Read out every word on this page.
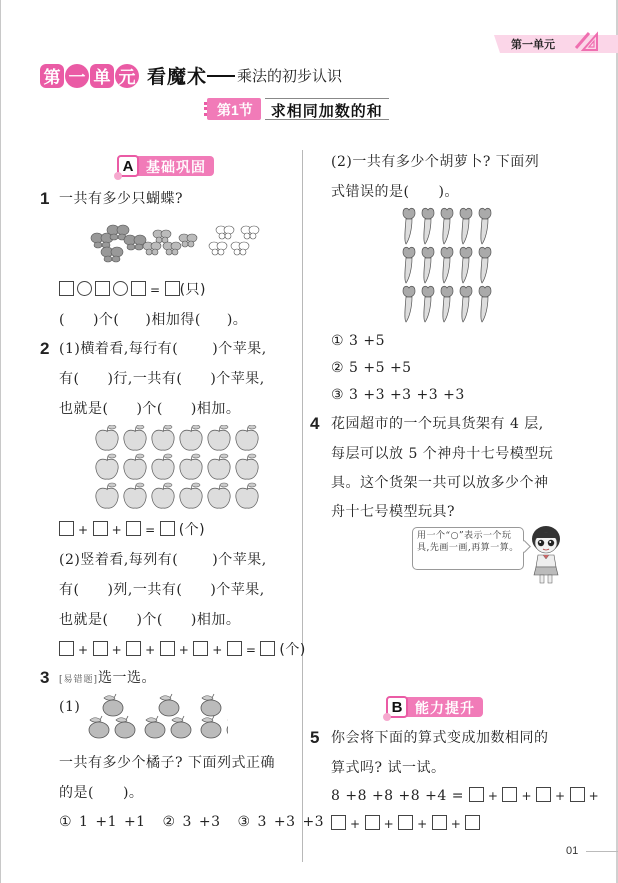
第一单元
第 一 单 元 看魔术 乘法的初步认识
第1节	求相同加数的和
A 基础巩固
1 一共有多少只蝴蝶?
= (只)
( )个( )相加得( )。
2 (1)横着看,每行有( )个苹果,
有( )行,一共有( )个苹果,
也就是( )个( )相加。
+ + = (个)
(2)竖着看,每列有( )个苹果,
有( )列,一共有( )个苹果,
也就是( )个( )相加。
+ + + + + = (个)
3 [易错题]选一选。
(1)
一共有多少个橘子? 下面列式正确
的是(　　)。
① 1 +1 +1 ② 3 +3 ③ 3 +3 +3
(2)一共有多少个胡萝卜? 下面列
式错误的是(　　)。
① 3 +5
② 5 +5 +5
③ 3 +3 +3 +3 +3
4 花园超市的一个玩具货架有 4 层,
每层可以放 5 个神舟十七号模型玩
具。这个货架一共可以放多少个神
舟十七号模型玩具?
用一个“○”表示一个玩具,先画一画,再算一算。
B 能力提升
5 你会将下面的算式变成加数相同的
算式吗? 试一试。
8 +8 +8 +8 +4 = + + + +
+ + + +
01
